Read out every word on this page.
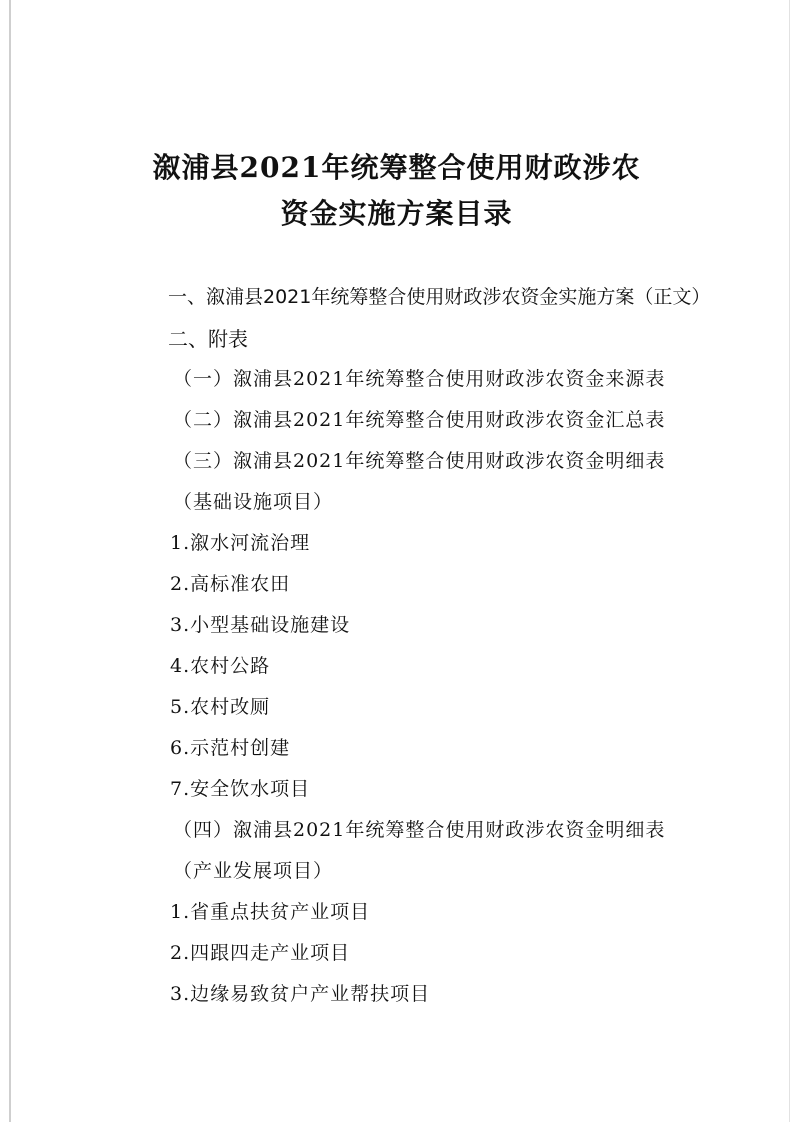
溆浦县2021年统筹整合使用财政涉农
资金实施方案目录
一、溆浦县2021年统筹整合使用财政涉农资金实施方案（正文）
二、附表
（一）溆浦县2021年统筹整合使用财政涉农资金来源表
（二）溆浦县2021年统筹整合使用财政涉农资金汇总表
（三）溆浦县2021年统筹整合使用财政涉农资金明细表
（基础设施项目）
1.溆水河流治理
2.高标准农田
3.小型基础设施建设
4.农村公路
5.农村改厕
6.示范村创建
7.安全饮水项目
（四）溆浦县2021年统筹整合使用财政涉农资金明细表
（产业发展项目）
1.省重点扶贫产业项目
2.四跟四走产业项目
3.边缘易致贫户产业帮扶项目
